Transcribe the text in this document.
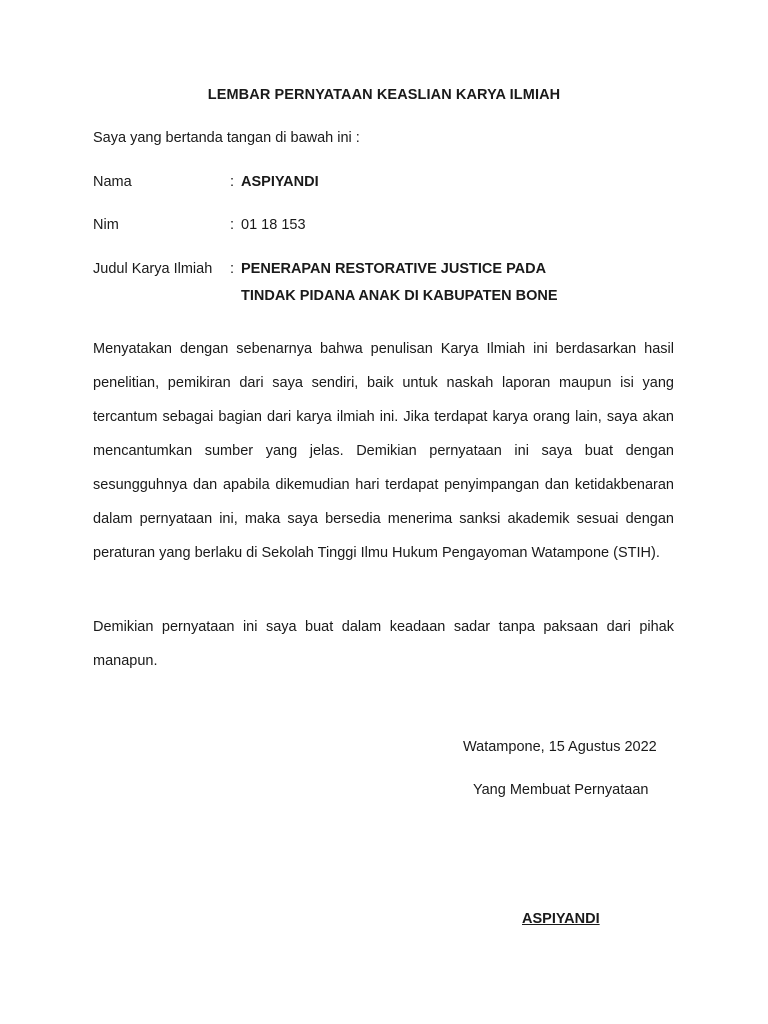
LEMBAR PERNYATAAN KEASLIAN KARYA ILMIAH
Saya yang bertanda tangan di bawah ini :
Nama	: ASPIYANDI
Nim	: 01 18 153
Judul Karya Ilmiah : PENERAPAN RESTORATIVE JUSTICE PADA
TINDAK PIDANA ANAK DI KABUPATEN BONE
Menyatakan dengan sebenarnya bahwa penulisan Karya Ilmiah ini berdasarkan hasil penelitian, pemikiran dari saya sendiri, baik untuk naskah laporan maupun isi yang tercantum sebagai bagian dari karya ilmiah ini. Jika terdapat karya orang lain, saya akan mencantumkan sumber yang jelas. Demikian pernyataan ini saya buat dengan sesungguhnya dan apabila dikemudian hari terdapat penyimpangan dan ketidakbenaran dalam pernyataan ini, maka saya bersedia menerima sanksi akademik sesuai dengan peraturan yang berlaku di Sekolah Tinggi Ilmu Hukum Pengayoman Watampone (STIH).
Demikian pernyataan ini saya buat dalam keadaan sadar tanpa paksaan dari pihak manapun.
Watampone, 15 Agustus 2022
Yang Membuat Pernyataan
ASPIYANDI
